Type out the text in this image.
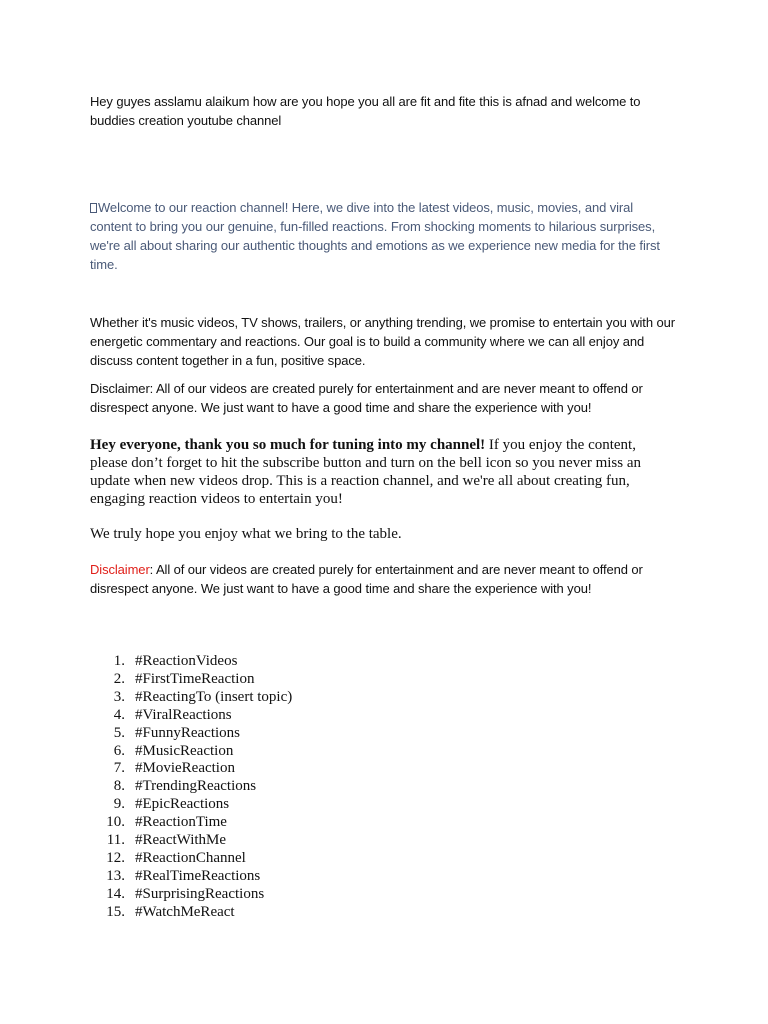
Hey guyes asslamu alaikum how are you hope you all are fit and fite this is afnad and welcome to buddies creation youtube channel

Welcome to our reaction channel! Here, we dive into the latest videos, music, movies, and viral content to bring you our genuine, fun-filled reactions. From shocking moments to hilarious surprises, we're all about sharing our authentic thoughts and emotions as we experience new media for the first time.

Whether it's music videos, TV shows, trailers, or anything trending, we promise to entertain you with our energetic commentary and reactions. Our goal is to build a community where we can all enjoy and discuss content together in a fun, positive space.

Disclaimer: All of our videos are created purely for entertainment and are never meant to offend or disrespect anyone. We just want to have a good time and share the experience with you!

Hey everyone, thank you so much for tuning into my channel! If you enjoy the content, please don’t forget to hit the subscribe button and turn on the bell icon so you never miss an update when new videos drop. This is a reaction channel, and we're all about creating fun, engaging reaction videos to entertain you!

We truly hope you enjoy what we bring to the table.

Disclaimer: All of our videos are created purely for entertainment and are never meant to offend or disrespect anyone. We just want to have a good time and share the experience with you!

1. #ReactionVideos
2. #FirstTimeReaction
3. #ReactingTo (insert topic)
4. #ViralReactions
5. #FunnyReactions
6. #MusicReaction
7. #MovieReaction
8. #TrendingReactions
9. #EpicReactions
10. #ReactionTime
11. #ReactWithMe
12. #ReactionChannel
13. #RealTimeReactions
14. #SurprisingReactions
15. #WatchMeReact
